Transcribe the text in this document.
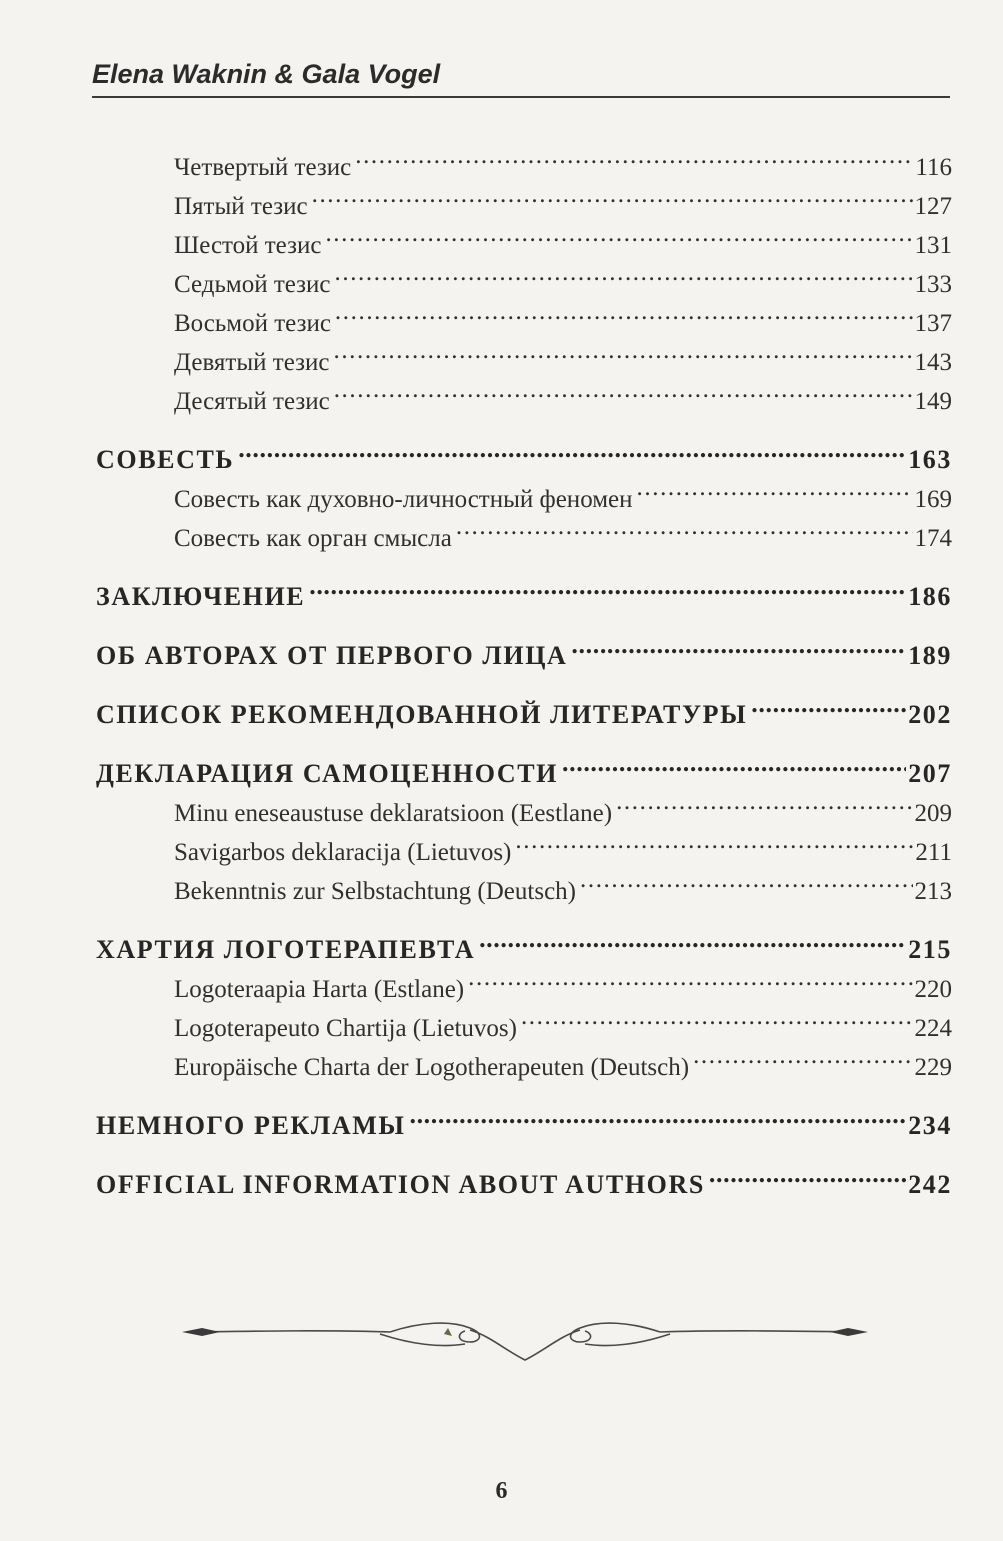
Elena Waknin & Gala Vogel
Четвертый тезис .....	116
Пятый тезис .....	127
Шестой тезис .....	131
Седьмой тезис .....	133
Восьмой тезис .....	137
Девятый тезис .....	143
Десятый тезис .....	149
СОВЕСТЬ .....	163
Совесть как духовно-личностный феномен .....	169
Совесть как орган смысла .....	174
ЗАКЛЮЧЕНИЕ .....	186
ОБ АВТОРАХ ОТ ПЕРВОГО ЛИЦА .....	189
СПИСОК РЕКОМЕНДОВАННОЙ ЛИТЕРАТУРЫ .....	202
ДЕКЛАРАЦИЯ САМОЦЕННОСТИ .....	207
Minu eneseaustuse deklaratsioon (Eestlane) .....	209
Savigarbos deklaracija (Lietuvos) .....	211
Bekenntnis zur Selbstachtung (Deutsch) .....	213
ХАРТИЯ ЛОГОТЕРАПЕВТА .....	215
Logoteraapia Harta (Estlane) .....	220
Logoterapeuto Chartija (Lietuvos) .....	224
Europäische Charta der Logotherapeuten (Deutsch) .....	229
НЕМНОГО РЕКЛАМЫ .....	234
OFFICIAL INFORMATION ABOUT AUTHORS .....	242
6
